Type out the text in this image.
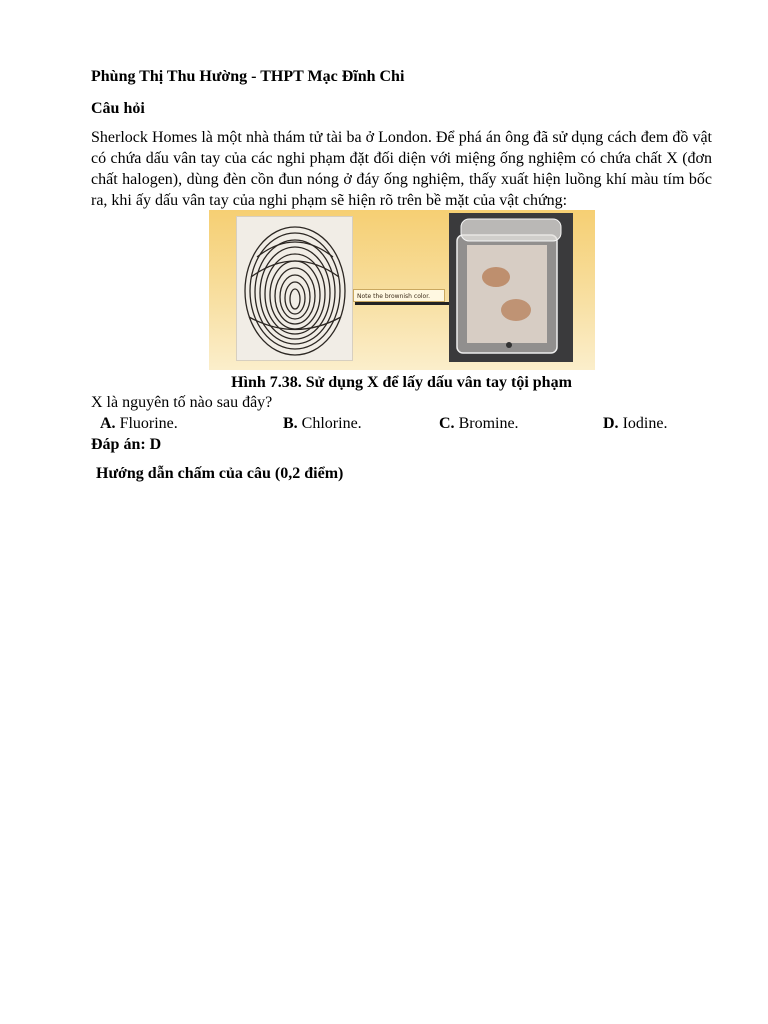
Phùng Thị Thu Hường - THPT Mạc Đĩnh Chi

Câu hỏi

Sherlock Homes là một nhà thám tử tài ba ở London. Để phá án ông đã sử dụng cách đem đồ vật có chứa dấu vân tay của các nghi phạm đặt đối diện với miệng ống nghiệm có chứa chất X (đơn chất halogen), dùng đèn cồn đun nóng ở đáy ống nghiệm, thấy xuất hiện luồng khí màu tím bốc ra, khi ấy dấu vân tay của nghi phạm sẽ hiện rõ trên bề mặt của vật chứng:

Note the brownish color.
Hình 7.38. Sử dụng X để lấy dấu vân tay tội phạm
X là nguyên tố nào sau đây?
A. Fluorine.	B. Chlorine.	C. Bromine.	D. Iodine.
Đáp án: D
Hướng dẫn chấm của câu (0,2 điểm)
